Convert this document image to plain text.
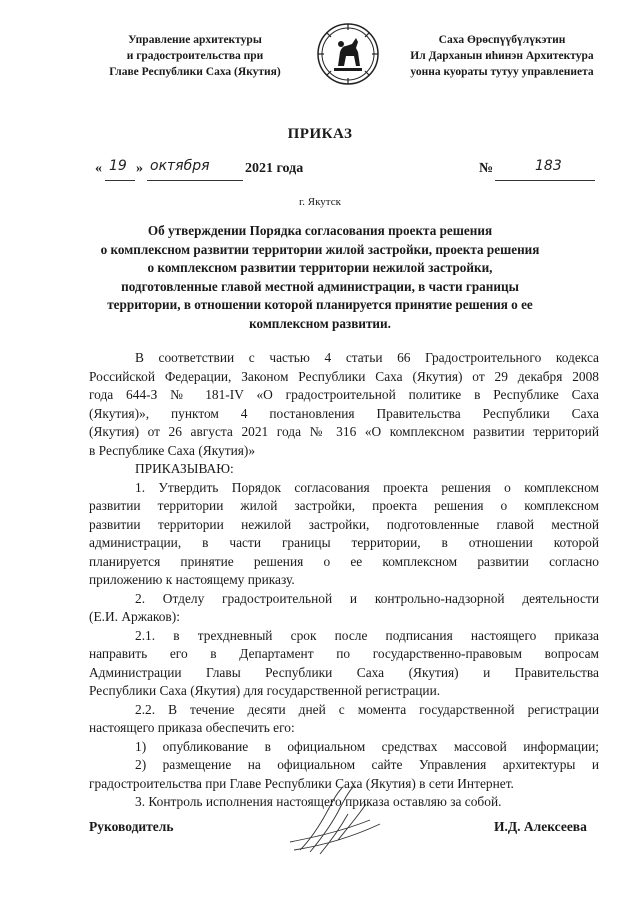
Управление архитектуры
и градостроительства при
Главе Республики Саха (Якутия)
Саха Өрөспүүбүлүкэтин
Ил Дарханын иһинэн Архитектура
уонна куораты тутуу управлениета
ПРИКАЗ
« 19 » октября	2021 года	№	183
г. Якутск
Об утверждении Порядка согласования проекта решения
о комплексном развитии территории жилой застройки, проекта решения
о комплексном развитии территории нежилой застройки,
подготовленные главой местной администрации, в части границы
территории, в отношении которой планируется принятие решения о ее
комплексном развитии.
В соответствии с частью 4 статьи 66 Градостроительного кодекса
Российской Федерации, Законом Республики Саха (Якутия) от 29 декабря 2008
года 644-З № 181-IV «О градостроительной политике в Республике Саха
(Якутия)», пунктом 4 постановления Правительства Республики Саха
(Якутия) от 26 августа 2021 года № 316 «О комплексном развитии территорий
в Республике Саха (Якутия)»
ПРИКАЗЫВАЮ:
1. Утвердить Порядок согласования проекта решения о комплексном
развитии территории жилой застройки, проекта решения о комплексном
развитии территории нежилой застройки, подготовленные главой местной
администрации, в части границы территории, в отношении которой
планируется принятие решения о ее комплексном развитии согласно
приложению к настоящему приказу.
2. Отделу градостроительной и контрольно-надзорной деятельности
(Е.И. Аржаков):
2.1. в трехдневный срок после подписания настоящего приказа
направить его в Департамент по государственно-правовым вопросам
Администрации Главы Республики Саха (Якутия) и Правительства
Республики Саха (Якутия) для государственной регистрации.
2.2. В течение десяти дней с момента государственной регистрации
настоящего приказа обеспечить его:
1) опубликование в официальном средствах массовой информации;
2) размещение на официальном сайте Управления архитектуры и
градостроительства при Главе Республики Саха (Якутия) в сети Интернет.
3. Контроль исполнения настоящего приказа оставляю за собой.
Руководитель	И.Д. Алексеева
